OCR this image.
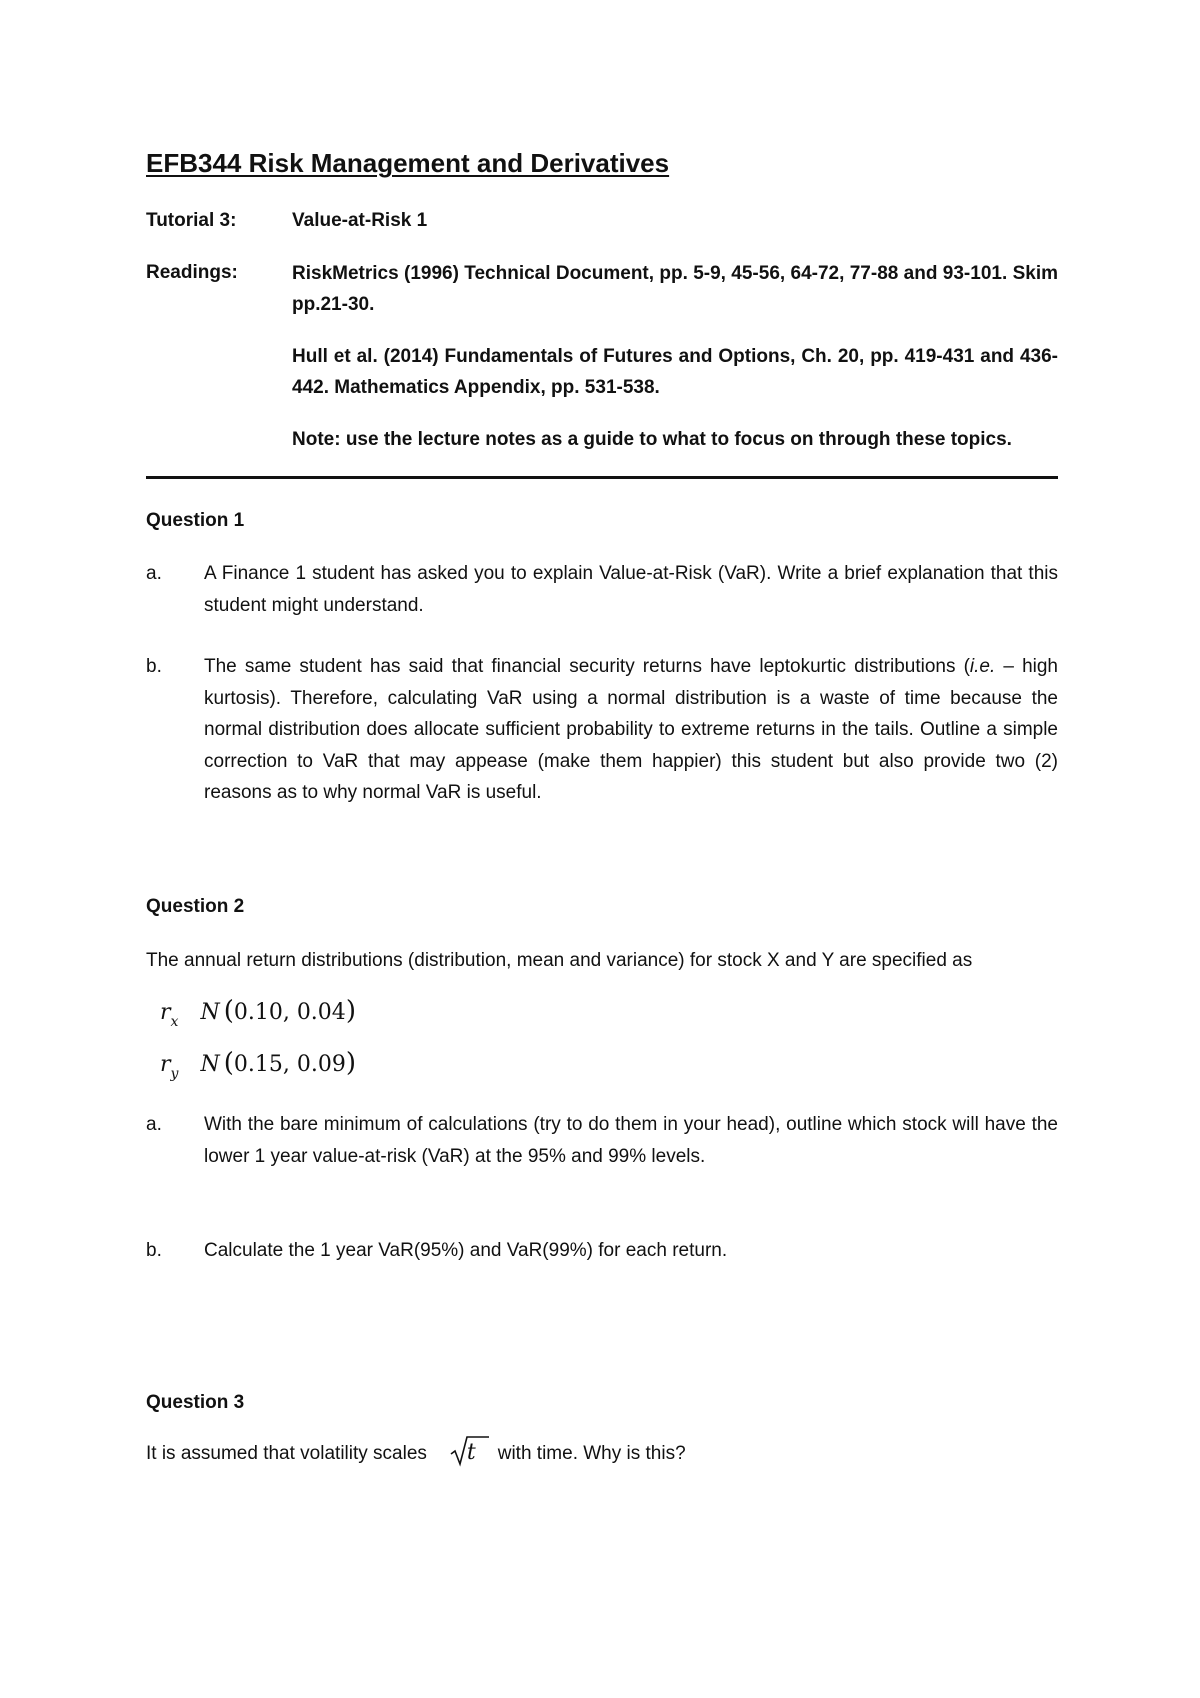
EFB344 Risk Management and Derivatives
Tutorial 3:	Value-at-Risk 1
Readings:	RiskMetrics (1996) Technical Document, pp. 5-9, 45-56, 64-72, 77-88 and 93-101. Skim pp.21-30.
Hull et al. (2014) Fundamentals of Futures and Options, Ch. 20, pp. 419-431 and 436-442. Mathematics Appendix, pp. 531-538.
Note: use the lecture notes as a guide to what to focus on through these topics.
Question 1
a. A Finance 1 student has asked you to explain Value-at-Risk (VaR). Write a brief explanation that this student might understand.
b. The same student has said that financial security returns have leptokurtic distributions (i.e. – high kurtosis). Therefore, calculating VaR using a normal distribution is a waste of time because the normal distribution does allocate sufficient probability to extreme returns in the tails. Outline a simple correction to VaR that may appease (make them happier) this student but also provide two (2) reasons as to why normal VaR is useful.
Question 2
The annual return distributions (distribution, mean and variance) for stock X and Y are specified as
$r_x$ N (0.10, 0.04)
$r_y$ N (0.15, 0.09)
a. With the bare minimum of calculations (try to do them in your head), outline which stock will have the lower 1 year value-at-risk (VaR) at the 95% and 99% levels.
b. Calculate the 1 year VaR(95%) and VaR(99%) for each return.
Question 3
It is assumed that volatility scales t with time. Why is this?
